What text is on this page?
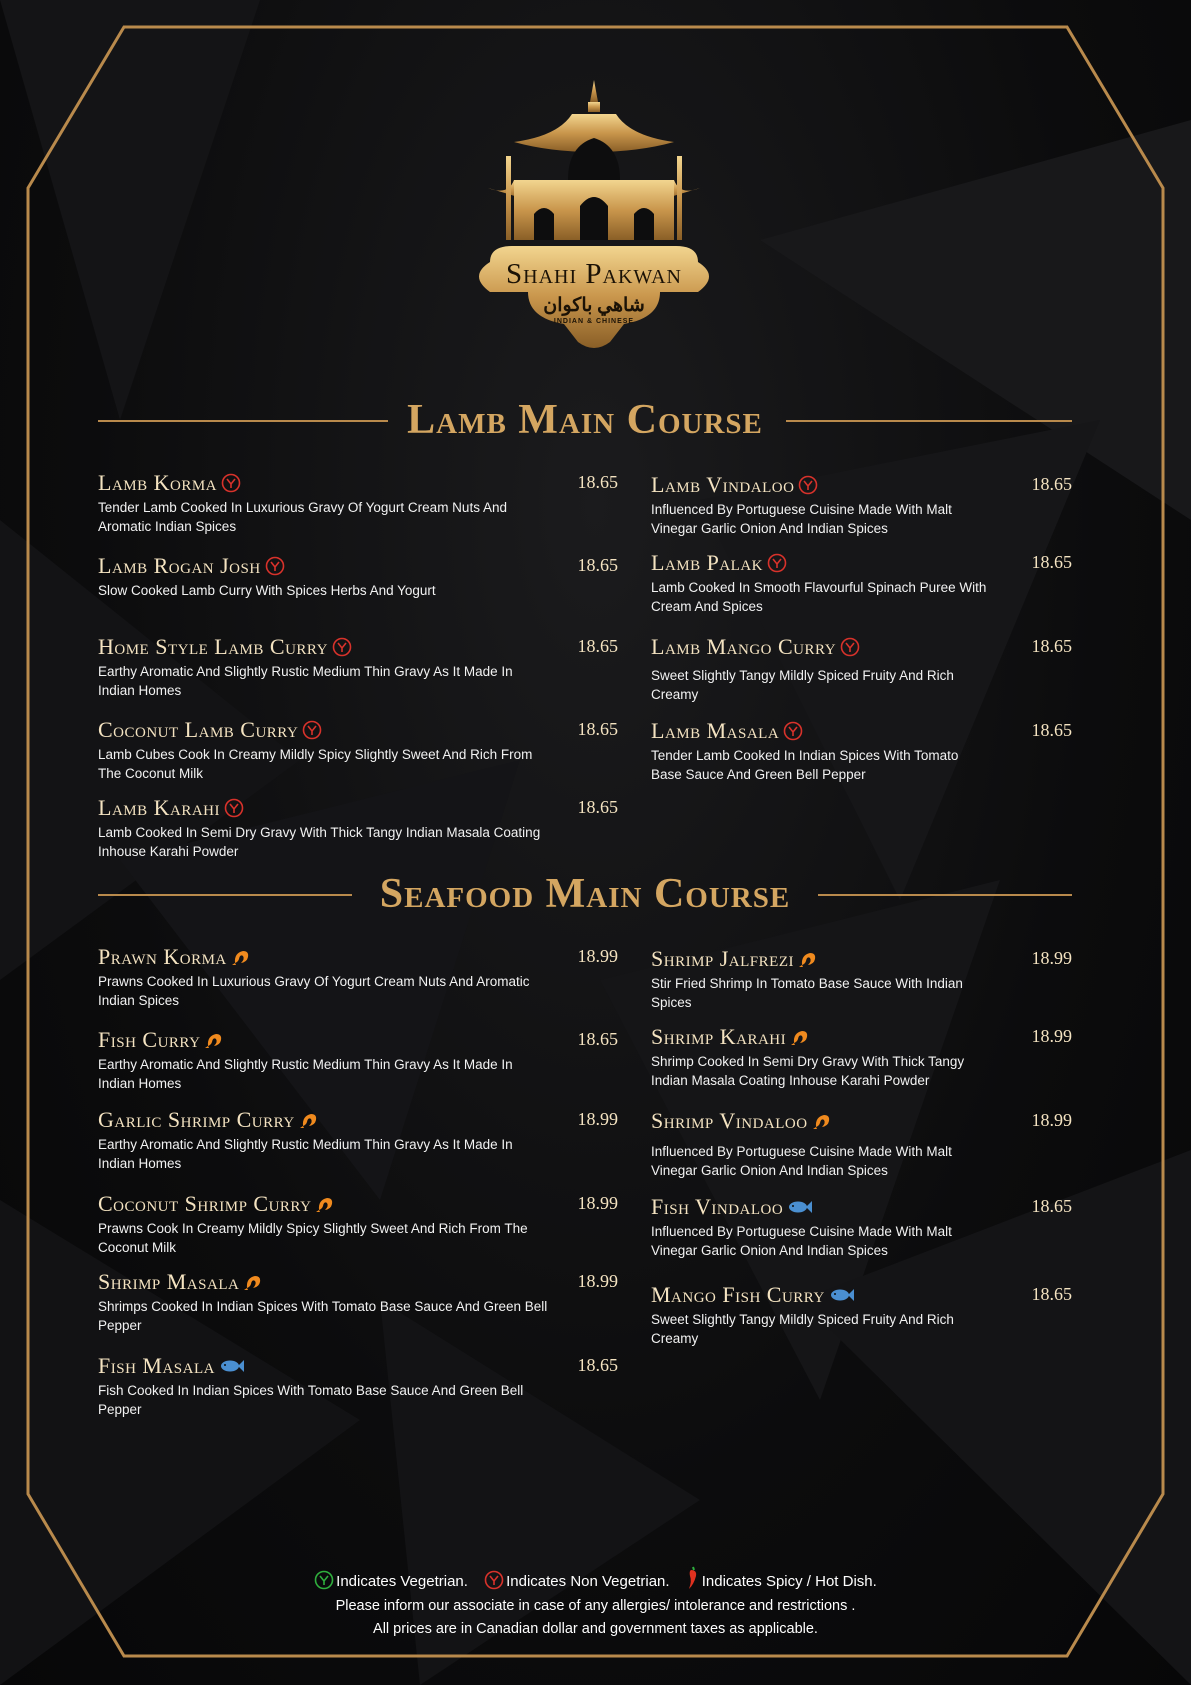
Shahi Pakwan
شاهي باكوان
INDIAN & CHINESE
Lamb Main Course
Lamb Korma	18.65
Tender Lamb Cooked In Luxurious Gravy Of Yogurt Cream Nuts And Aromatic Indian Spices
Lamb Rogan Josh	18.65
Slow Cooked Lamb Curry With Spices Herbs And Yogurt
Home Style Lamb Curry	18.65
Earthy Aromatic And Slightly Rustic Medium Thin Gravy As It Made In Indian Homes
Coconut Lamb Curry	18.65
Lamb Cubes Cook In Creamy Mildly Spicy Slightly Sweet And Rich From The Coconut Milk
Lamb Karahi	18.65
Lamb Cooked In Semi Dry Gravy With Thick Tangy Indian Masala Coating Inhouse Karahi Powder
Lamb Vindaloo	18.65
Influenced By Portuguese Cuisine Made With Malt Vinegar Garlic Onion And Indian Spices
Lamb Palak	18.65
Lamb Cooked In Smooth Flavourful Spinach Puree With Cream And Spices
Lamb Mango Curry	18.65
Sweet Slightly Tangy Mildly Spiced Fruity And Rich Creamy
Lamb Masala	18.65
Tender Lamb Cooked In Indian Spices With Tomato Base Sauce And Green Bell Pepper
Seafood Main Course
Prawn Korma	18.99
Prawns Cooked In Luxurious Gravy Of Yogurt Cream Nuts And Aromatic Indian Spices
Fish Curry	18.65
Earthy Aromatic And Slightly Rustic Medium Thin Gravy As It Made In Indian Homes
Garlic Shrimp Curry	18.99
Earthy Aromatic And Slightly Rustic Medium Thin Gravy As It Made In Indian Homes
Coconut Shrimp Curry	18.99
Prawns Cook In Creamy Mildly Spicy Slightly Sweet And Rich From The Coconut Milk
Shrimp Masala	18.99
Shrimps Cooked In Indian Spices With Tomato Base Sauce And Green Bell Pepper
Fish Masala	18.65
Fish Cooked In Indian Spices With Tomato Base Sauce And Green Bell Pepper
Shrimp Jalfrezi	18.99
Stir Fried Shrimp In Tomato Base Sauce With Indian Spices
Shrimp Karahi	18.99
Shrimp Cooked In Semi Dry Gravy With Thick Tangy Indian Masala Coating Inhouse Karahi Powder
Shrimp Vindaloo	18.99
Influenced By Portuguese Cuisine Made With Malt Vinegar Garlic Onion And Indian Spices
Fish Vindaloo	18.65
Influenced By Portuguese Cuisine Made With Malt Vinegar Garlic Onion And Indian Spices
Mango Fish Curry	18.65
Sweet Slightly Tangy Mildly Spiced Fruity And Rich Creamy
Indicates Vegetrian.	Indicates Non Vegetrian. Indicates Spicy / Hot Dish.
Please inform our associate in case of any allergies/ intolerance and restrictions .
All prices are in Canadian dollar and government taxes as applicable.
